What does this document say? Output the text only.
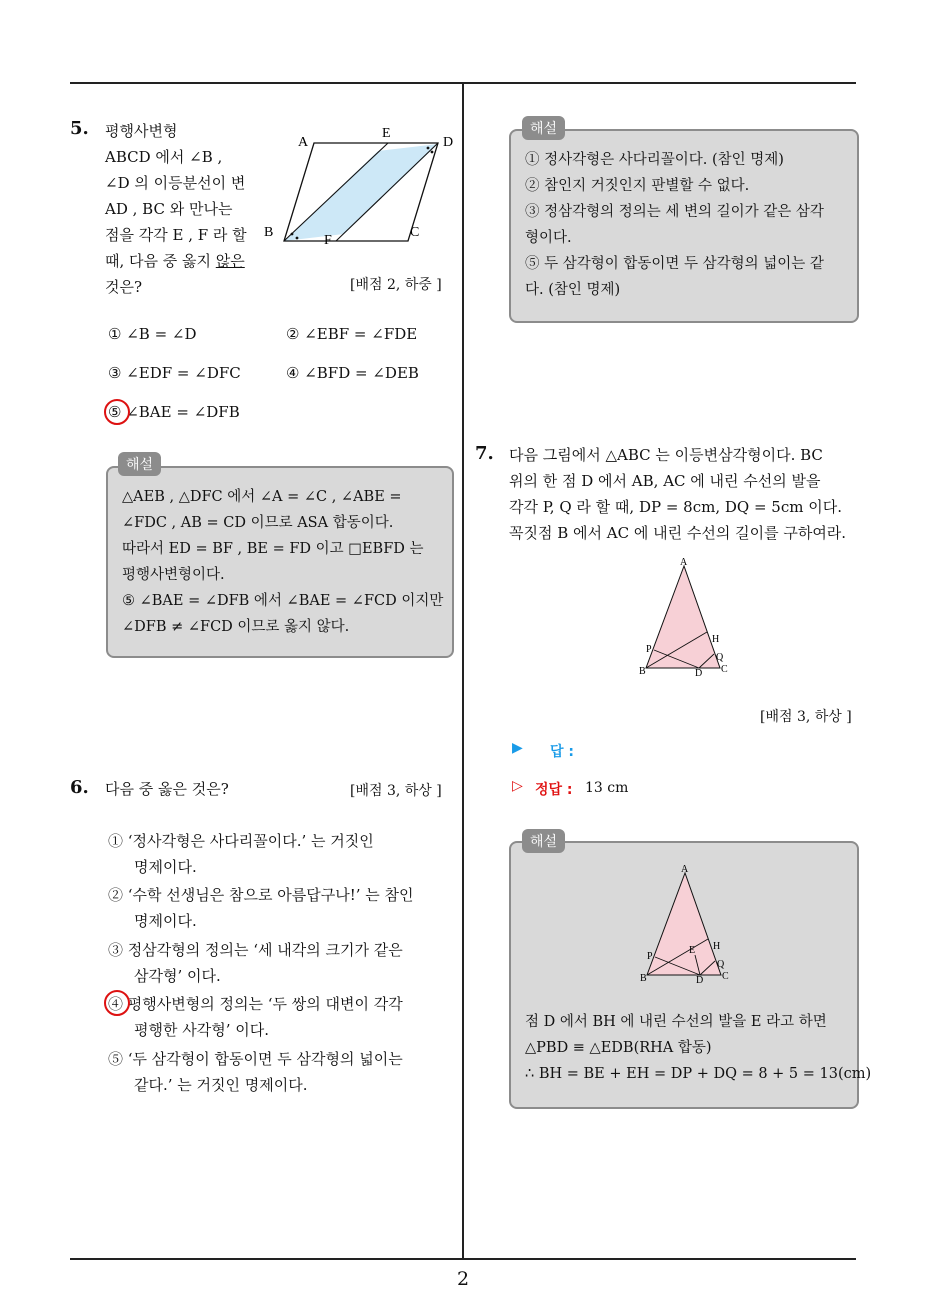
5. 평행사변형
ABCD 에서 ∠B ,
∠D 의 이등분선이 변
AD , BC 와 만나는
점을 각각 E , F 라 할
때, 다음 중 옳지 않은
것은?
A
E
D
B
F
C
[배점 2, 하중 ]
① ∠B = ∠D	② ∠EBF = ∠FDE
③ ∠EDF = ∠DFC	④ ∠BFD = ∠DEB
⑤ ∠BAE = ∠DFB
△AEB , △DFC 에서 ∠A = ∠C , ∠ABE =
∠FDC , AB = CD 이므로 ASA 합동이다.
따라서 ED = BF , BE = FD 이고 □EBFD 는
평행사변형이다.
⑤ ∠BAE = ∠DFB 에서 ∠BAE = ∠FCD 이지만
∠DFB ≠ ∠FCD 이므로 옳지 않다.
해설
6. 다음 중 옳은 것은?	[배점 3, 하상 ]
① ‘정사각형은 사다리꼴이다.’ 는 거짓인
명제이다.
② ‘수학 선생님은 참으로 아름답구나!’ 는 참인
명제이다.
③ 정삼각형의 정의는 ‘세 내각의 크기가 같은
삼각형’ 이다.
④ 평행사변형의 정의는 ‘두 쌍의 대변이 각각
평행한 사각형’ 이다.
⑤ ‘두 삼각형이 합동이면 두 삼각형의 넓이는
같다.’ 는 거짓인 명제이다.
① 정사각형은 사다리꼴이다. (참인 명제)
② 참인지 거짓인지 판별할 수 없다.
③ 정삼각형의 정의는 세 변의 길이가 같은 삼각
형이다.
⑤ 두 삼각형이 합동이면 두 삼각형의 넓이는 같
다. (참인 명제)
해설
7. 다음 그림에서 △ABC 는 이등변삼각형이다. BC
위의 한 점 D 에서 AB, AC 에 내린 수선의 발을
각각 P, Q 라 할 때, DP = 8cm, DQ = 5cm 이다.
꼭짓점 B 에서 AC 에 내린 수선의 길이를 구하여라.
A
H
P
Q
B	D C
[배점 3, 하상 ]
▶ 답 :
▷ 정답 : 13 cm
A
H
E
P
Q
B	D C
점 D 에서 BH 에 내린 수선의 발을 E 라고 하면
△PBD ≡ △EDB(RHA 합동)
∴ BH = BE + EH = DP + DQ = 8 + 5 = 13(cm)
해설
2
